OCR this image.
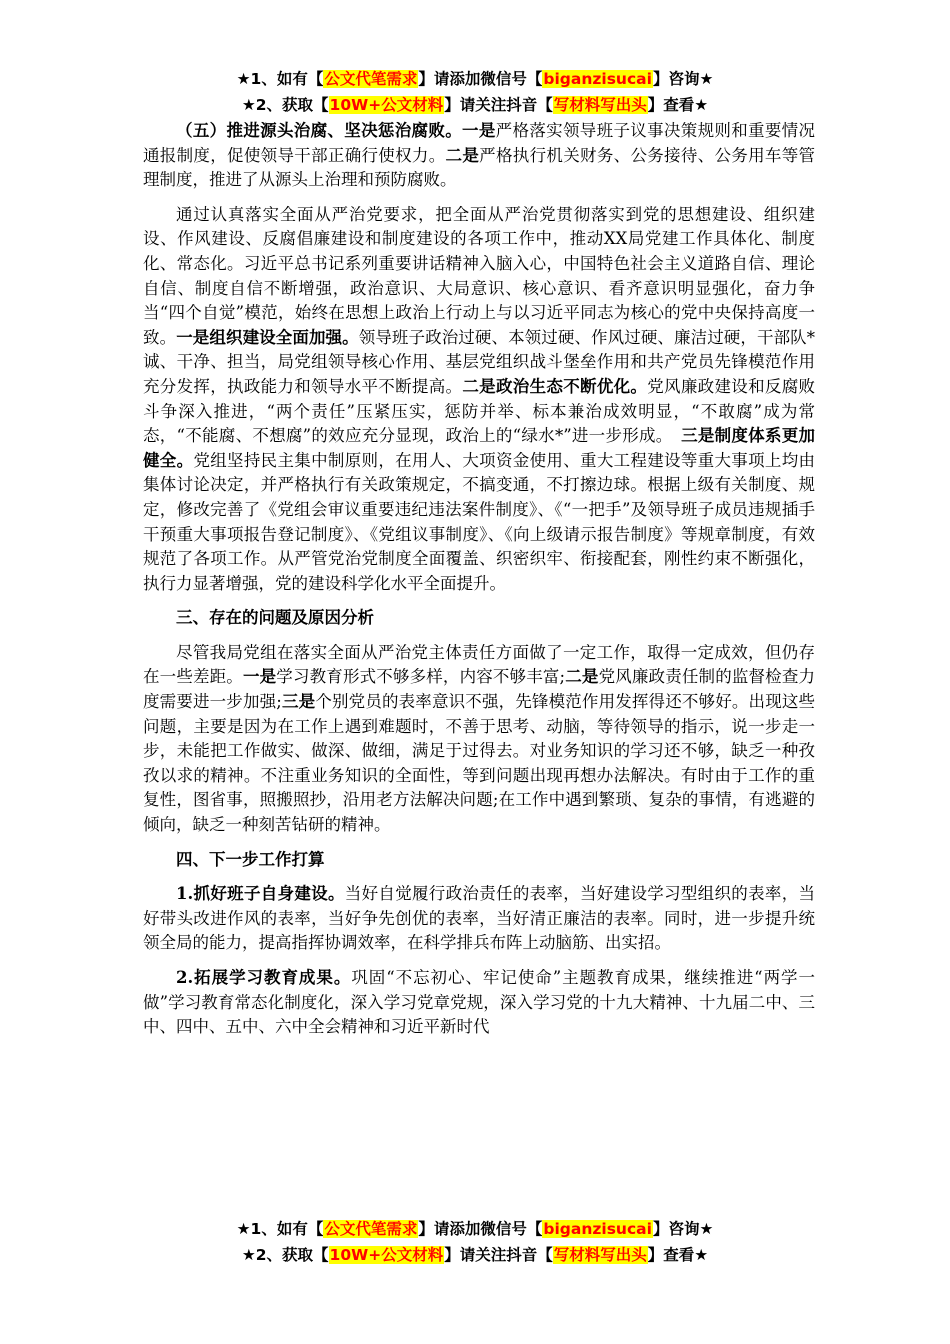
★1、如有【公文代笔需求】请添加微信号【biganzisucai】咨询★
★2、获取【10W+公文材料】请关注抖音【写材料写出头】查看★

（五）推进源头治腐、坚决惩治腐败。一是严格落实领导班子议事决策规则和重要情况通报制度，促使领导干部正确行使权力。二是严格执行机关财务、公务接待、公务用车等管理制度，推进了从源头上治理和预防腐败。

通过认真落实全面从严治党要求，把全面从严治党贯彻落实到党的思想建设、组织建设、作风建设、反腐倡廉建设和制度建设的各项工作中，推动XX局党建工作具体化、制度化、常态化。习近平总书记系列重要讲话精神入脑入心，中国特色社会主义道路自信、理论自信、制度自信不断增强，政治意识、大局意识、核心意识、看齐意识明显强化，奋力争当“四个自觉”模范，始终在思想上政治上行动上与以习近平同志为核心的党中央保持高度一致。一是组织建设全面加强。领导班子政治过硬、本领过硬、作风过硬、廉洁过硬，干部队*诚、干净、担当，局党组领导核心作用、基层党组织战斗堡垒作用和共产党员先锋模范作用充分发挥，执政能力和领导水平不断提高。二是政治生态不断优化。党风廉政建设和反腐败斗争深入推进，“两个责任”压紧压实，惩防并举、标本兼治成效明显，“不敢腐”成为常态，“不能腐、不想腐”的效应充分显现，政治上的“绿水*”进一步形成。　三是制度体系更加健全。党组坚持民主集中制原则，在用人、大项资金使用、重大工程建设等重大事项上均由集体讨论决定，并严格执行有关政策规定，不搞变通，不打擦边球。根据上级有关制度、规定，修改完善了《党组会审议重要违纪违法案件制度》、《“一把手”及领导班子成员违规插手干预重大事项报告登记制度》、《党组议事制度》、《向上级请示报告制度》等规章制度，有效规范了各项工作。从严管党治党制度全面覆盖、织密织牢、衔接配套，刚性约束不断强化，执行力显著增强，党的建设科学化水平全面提升。

三、存在的问题及原因分析

尽管我局党组在落实全面从严治党主体责任方面做了一定工作，取得一定成效，但仍存在一些差距。一是学习教育形式不够多样，内容不够丰富;二是党风廉政责任制的监督检查力度需要进一步加强;三是个别党员的表率意识不强，先锋模范作用发挥得还不够好。出现这些问题，主要是因为在工作上遇到难题时，不善于思考、动脑，等待领导的指示，说一步走一步，未能把工作做实、做深、做细，满足于过得去。对业务知识的学习还不够，缺乏一种孜孜以求的精神。不注重业务知识的全面性，等到问题出现再想办法解决。有时由于工作的重复性，图省事，照搬照抄，沿用老方法解决问题;在工作中遇到繁琐、复杂的事情，有逃避的倾向，缺乏一种刻苦钻研的精神。

四、下一步工作打算

1.抓好班子自身建设。当好自觉履行政治责任的表率，当好建设学习型组织的表率，当好带头改进作风的表率，当好争先创优的表率，当好清正廉洁的表率。同时，进一步提升统领全局的能力，提高指挥协调效率，在科学排兵布阵上动脑筋、出实招。

2.拓展学习教育成果。巩固“不忘初心、牢记使命”主题教育成果，继续推进“两学一做”学习教育常态化制度化，深入学习党章党规，深入学习党的十九大精神、十九届二中、三中、四中、五中、六中全会精神和习近平新时代

★1、如有【公文代笔需求】请添加微信号【biganzisucai】咨询★
★2、获取【10W+公文材料】请关注抖音【写材料写出头】查看★
